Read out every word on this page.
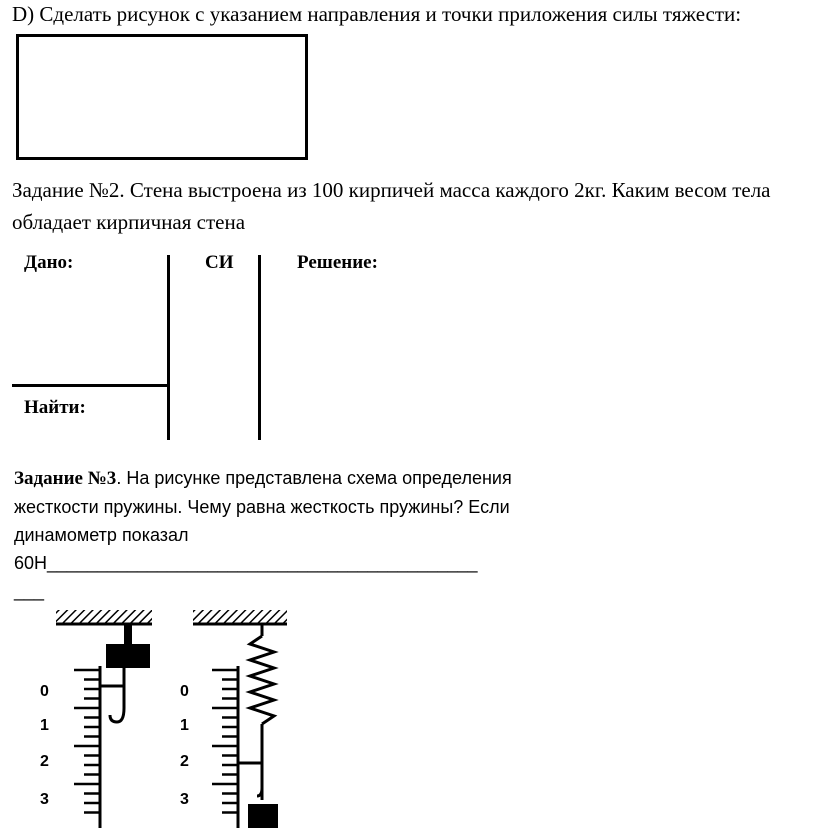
D) Сделать рисунок с указанием направления и точки приложения силы тяжести:
Задание №2. Стена выстроена из 100 кирпичей масса каждого 2кг. Каким весом тела обладает кирпичная стена
Дано:	СИ	Решение:
Найти:
Задание №3. На рисунке представлена схема определения жесткости пружины. Чему равна жесткость пружины? Если динамометр показал 60Н___________________________________________
___
0
1
2
3
0
1
2
3
